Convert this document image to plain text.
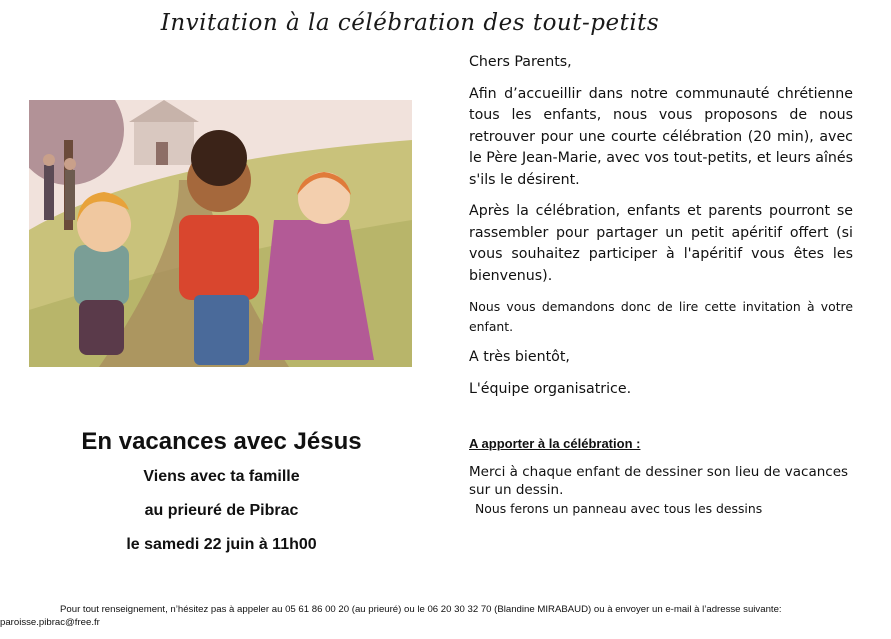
Invitation à la célébration des tout-petits

Chers Parents,

Afin d’accueillir dans notre communauté chrétienne tous les enfants, nous vous proposons de nous retrouver pour une courte célébration (20 min), avec le Père Jean-Marie, avec vos tout-petits, et leurs aînés s'ils le désirent.

Après la célébration, enfants et parents pourront se rassembler pour partager un petit apéritif offert (si vous souhaitez participer à l'apéritif vous êtes les bienvenus).

Nous vous demandons donc de lire cette invitation à votre enfant.

A très bientôt,

L'équipe organisatrice.

En vacances avec Jésus
Viens avec ta famille
au prieuré de Pibrac
le samedi 22 juin à 11h00
A apporter à la célébration :
Merci à chaque enfant de dessiner son lieu de vacances sur un dessin.
Nous ferons un panneau avec tous les dessins
Pour tout renseignement, n’hésitez pas à appeler au 05 61 86 00 20 (au prieuré) ou le 06 20 30 32 70 (Blandine MIRABAUD) ou à envoyer un e-mail à l’adresse suivante:
paroisse.pibrac@free.fr
